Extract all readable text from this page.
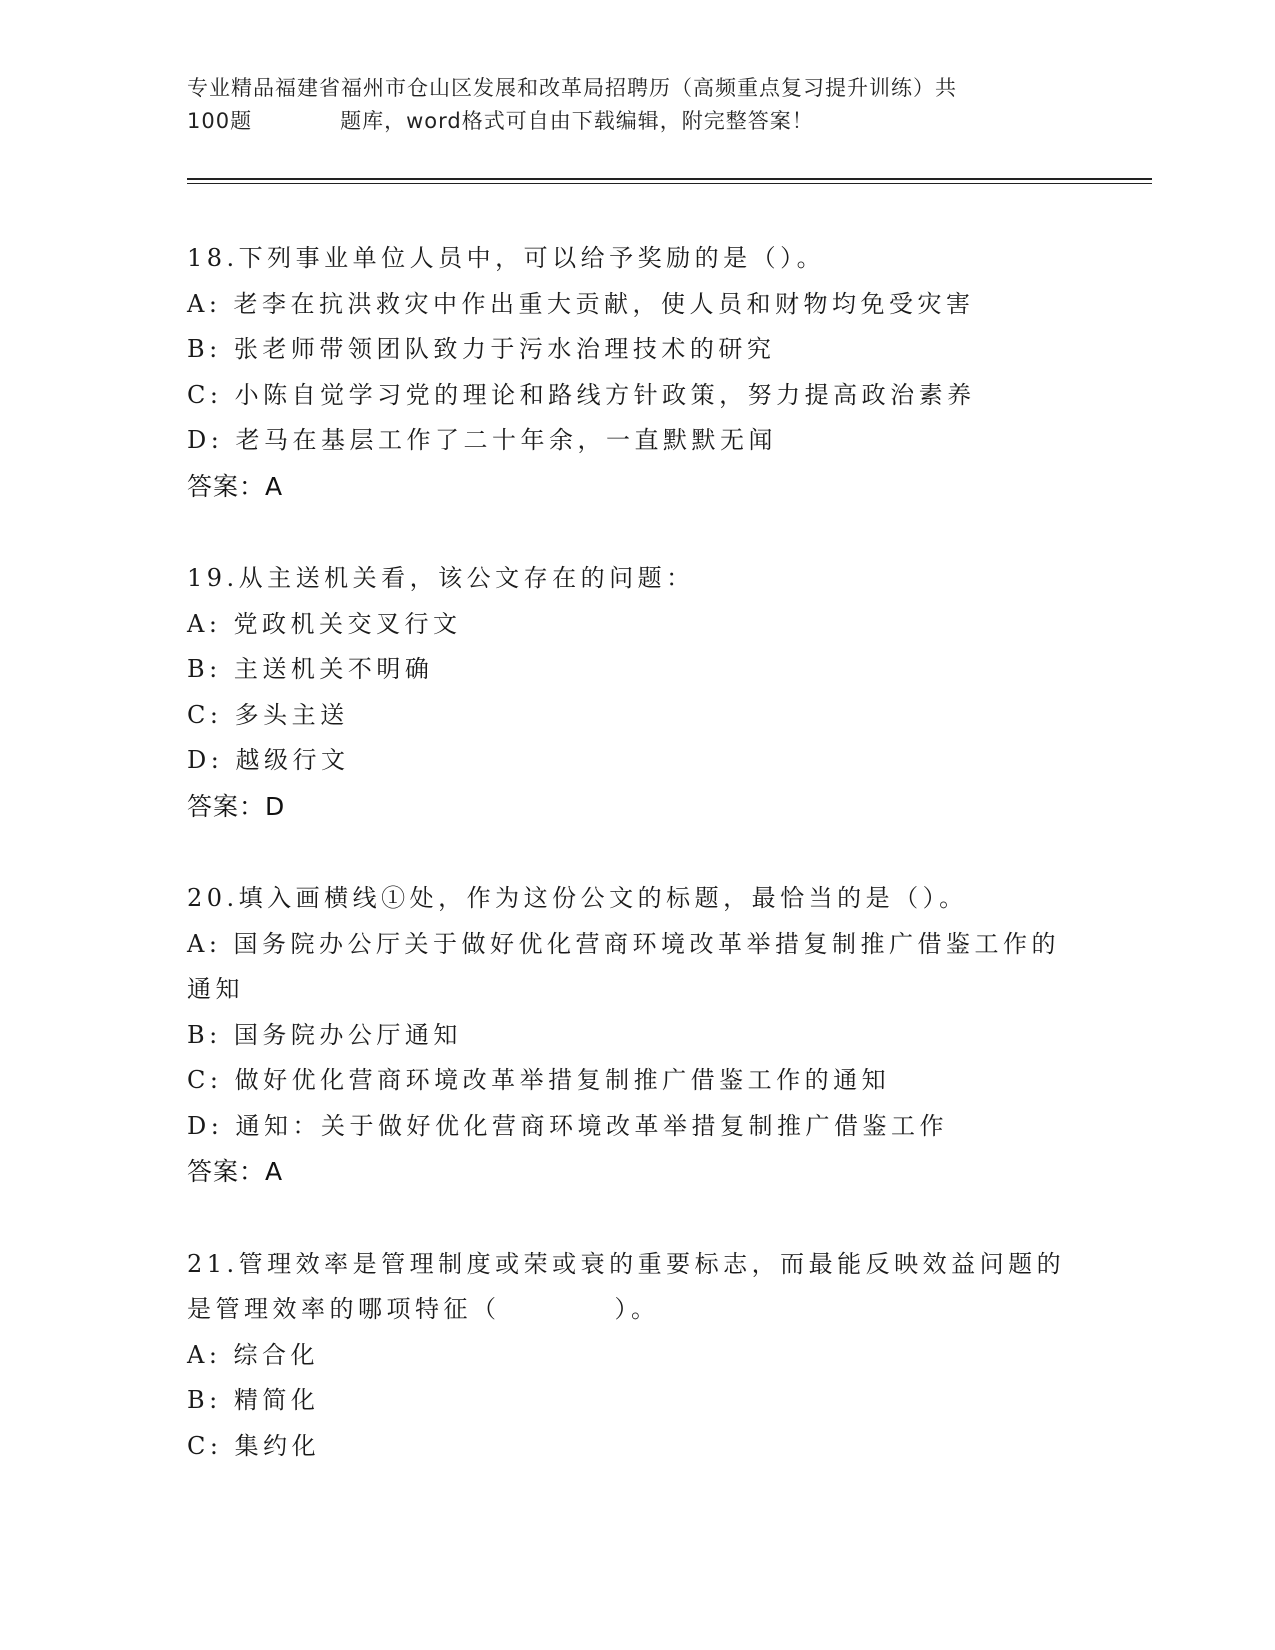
专业精品福建省福州市仓山区发展和改革局招聘历（高频重点复习提升训练）共
100题	题库，word格式可自由下载编辑，附完整答案！
18.下列事业单位人员中，可以给予奖励的是（）。
A: 老李在抗洪救灾中作出重大贡献，使人员和财物均免受灾害
B: 张老师带领团队致力于污水治理技术的研究
C: 小陈自觉学习党的理论和路线方针政策，努力提高政治素养
D: 老马在基层工作了二十年余，一直默默无闻
答案：A
19.从主送机关看，该公文存在的问题：
A: 党政机关交叉行文
B: 主送机关不明确
C: 多头主送
D: 越级行文
答案：D
20.填入画横线①处，作为这份公文的标题，最恰当的是（）。
A: 国务院办公厅关于做好优化营商环境改革举措复制推广借鉴工作的通知
B: 国务院办公厅通知
C: 做好优化营商环境改革举措复制推广借鉴工作的通知
D: 通知：关于做好优化营商环境改革举措复制推广借鉴工作
答案：A
21.管理效率是管理制度或荣或衰的重要标志，而最能反映效益问题的是管理效率的哪项特征（　　　　）。
A: 综合化
B: 精简化
C: 集约化
